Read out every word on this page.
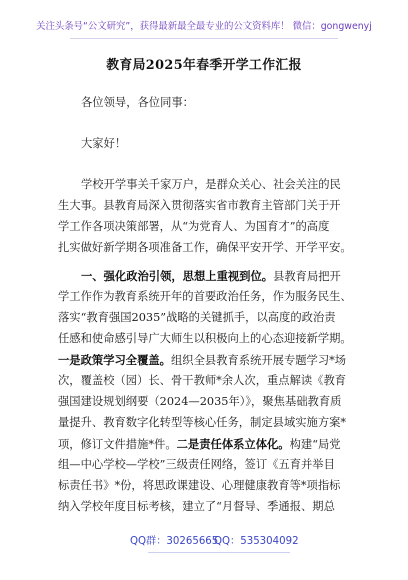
关注头条号“公文研究”，获得最新最全最专业的公文资料库！ 微信：gongwenyj
教育局2025年春季开学工作汇报
各位领导，各位同事：
大家好！
学校开学事关千家万户，是群众关心、社会关注的民
生大事。县教育局深入贯彻落实省市教育主管部门关于开
学工作各项决策部署，从“为党育人、为国育才”的高度
扎实做好新学期各项准备工作，确保平安开学、开学平安。
一、强化政治引领，思想上重视到位。县教育局把开
学工作作为教育系统开年的首要政治任务，作为服务民生、
落实“教育强国2035”战略的关键抓手，以高度的政治责
任感和使命感引导广大师生以积极向上的心态迎接新学期。
一是政策学习全覆盖。组织全县教育系统开展专题学习*场
次，覆盖校（园）长、骨干教师*余人次，重点解读《教育
强国建设规划纲要（2024—2035年）》，聚焦基础教育质
量提升、教育数字化转型等核心任务，制定县域实施方案*
项，修订文件措施*件。二是责任体系立体化。构建“局党
组—中心学校—学校”三级责任网络，签订《五育并举目
标责任书》*份，将思政课建设、心理健康教育等*项指标
纳入学校年度目标考核，建立了“月督导、季通报、期总
QQ群：30265665
QQ：535304092
